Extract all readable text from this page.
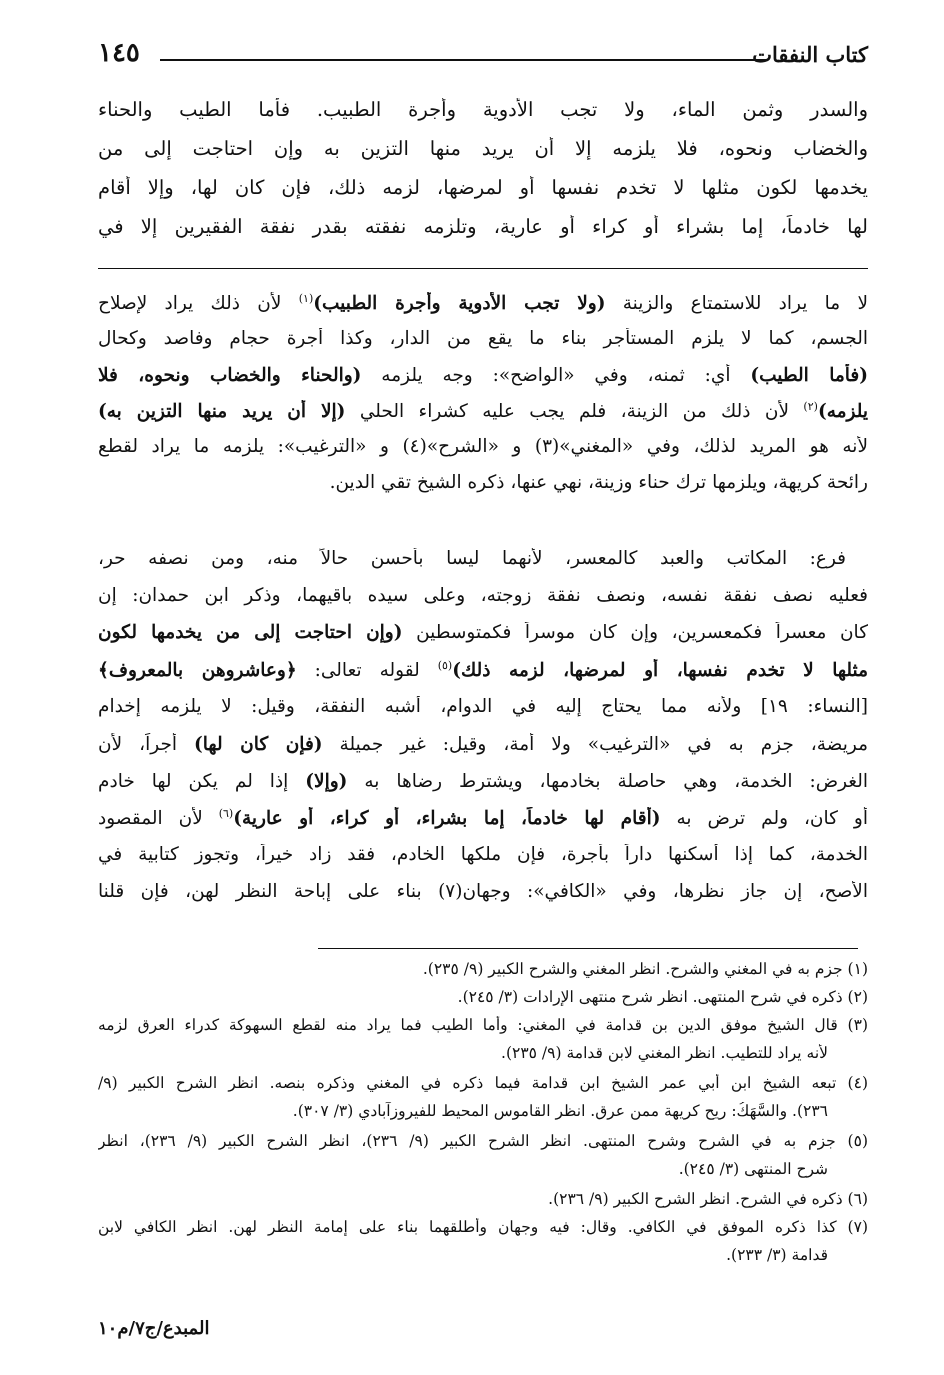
كتاب النفقات
١٤٥
والسدر وثمن الماء، ولا تجب الأدوية وأجرة الطبيب. فأما الطيب والحناء
والخضاب ونحوه، فلا يلزمه إلا أن يريد منها التزين به وإن احتاجت إلى من
يخدمها لكون مثلها لا تخدم نفسها أو لمرضها، لزمه ذلك، فإن كان لها، وإلا أقام
لها خادماً، إما بشراء أو كراء أو عارية، وتلزمه نفقته بقدر نفقة الفقيرين إلا في
لا ما يراد للاستمتاع والزينة (ولا تجب الأدوية وأجرة الطبيب)$^{(١)}$ لأن ذلك يراد لإصلاح
الجسم، كما لا يلزم المستأجر بناء ما يقع من الدار، وكذا أجرة حجام وفاصد وكحال
(فأما الطيب) أي: ثمنه، وفي «الواضح»: وجه يلزمه (والحناء والخضاب ونحوه، فلا
يلزمه)$^{(٢)}$ لأن ذلك من الزينة، فلم يجب عليه كشراء الحلي (إلا أن يريد منها التزين به)
لأنه هو المريد لذلك، وفي «المغني»(٣) و «الشرح»(٤) و «الترغيب»: يلزمه ما يراد لقطع
رائحة كريهة، ويلزمها ترك حناء وزينة، نهي عنها، ذكره الشيخ تقي الدين.
فرع: المكاتب والعبد كالمعسر، لأنهما ليسا بأحسن حالاً منه، ومن نصفه حر،
فعليه نصف نفقة نفسه، ونصف نفقة زوجته، وعلى سيده باقيهما، وذكر ابن حمدان: إن
كان معسراً فكمعسرين، وإن كان موسراً فكمتوسطين (وإن احتاجت إلى من يخدمها لكون
مثلها لا تخدم نفسها، أو لمرضها، لزمه ذلك)$^{(٥)}$ لقوله تعالى: ﴿وعاشروهن بالمعروف﴾
[النساء: ١٩] ولأنه مما يحتاج إليه في الدوام، أشبه النفقة، وقيل: لا يلزمه إخدام
مريضة، جزم به في «الترغيب» ولا أمة، وقيل: غير جميلة (فإن كان لها) أجراً، لأن
الغرض: الخدمة، وهي حاصلة بخادمها، ويشترط رضاها به (وإلا) إذا لم يكن لها خادم
أو كان، ولم ترض به (أقام لها خادماً، إما بشراء، أو كراء، أو عارية)$^{(٦)}$ لأن المقصود
الخدمة، كما إذا أسكنها داراً بأجرة، فإن ملكها الخادم، فقد زاد خيراً، وتجوز كتابية في
الأصح، إن جاز نظرها، وفي «الكافي»: وجهان(٧) بناء على إباحة النظر لهن، فإن قلنا
(١) جزم به في المغني والشرح. انظر المغني والشرح الكبير (٩/ ٢٣٥).
(٢) ذكره في شرح المنتهى. انظر شرح منتهى الإرادات (٣/ ٢٤٥).
(٣) قال الشيخ موفق الدين بن قدامة في المغني: وأما الطيب فما يراد منه لقطع السهوكة كدراء العرق لزمه
لأنه يراد للتطيب. انظر المغني لابن قدامة (٩/ ٢٣٥).
(٤) تبعه الشيخ ابن أبي عمر الشيخ ابن قدامة فيما ذكره في المغني وذكره بنصه. انظر الشرح الكبير (٩/
٢٣٦). والسَّهَكُ: ريح كريهة ممن عرق. انظر القاموس المحيط للفيروزآبادي (٣/ ٣٠٧).
(٥) جزم به في الشرح وشرح المنتهى. انظر الشرح الكبير (٩/ ٢٣٦)، انظر الشرح الكبير (٩/ ٢٣٦)، انظر
شرح المنتهى (٣/ ٢٤٥).
(٦) ذكره في الشرح. انظر الشرح الكبير (٩/ ٢٣٦).
(٧) كذا ذكره الموفق في الكافي. وقال: فيه وجهان وأطلقهما بناء على إمامة النظر لهن. انظر الكافي لابن
قدامة (٣/ ٢٣٣).
المبدع/ج٧/م١٠
